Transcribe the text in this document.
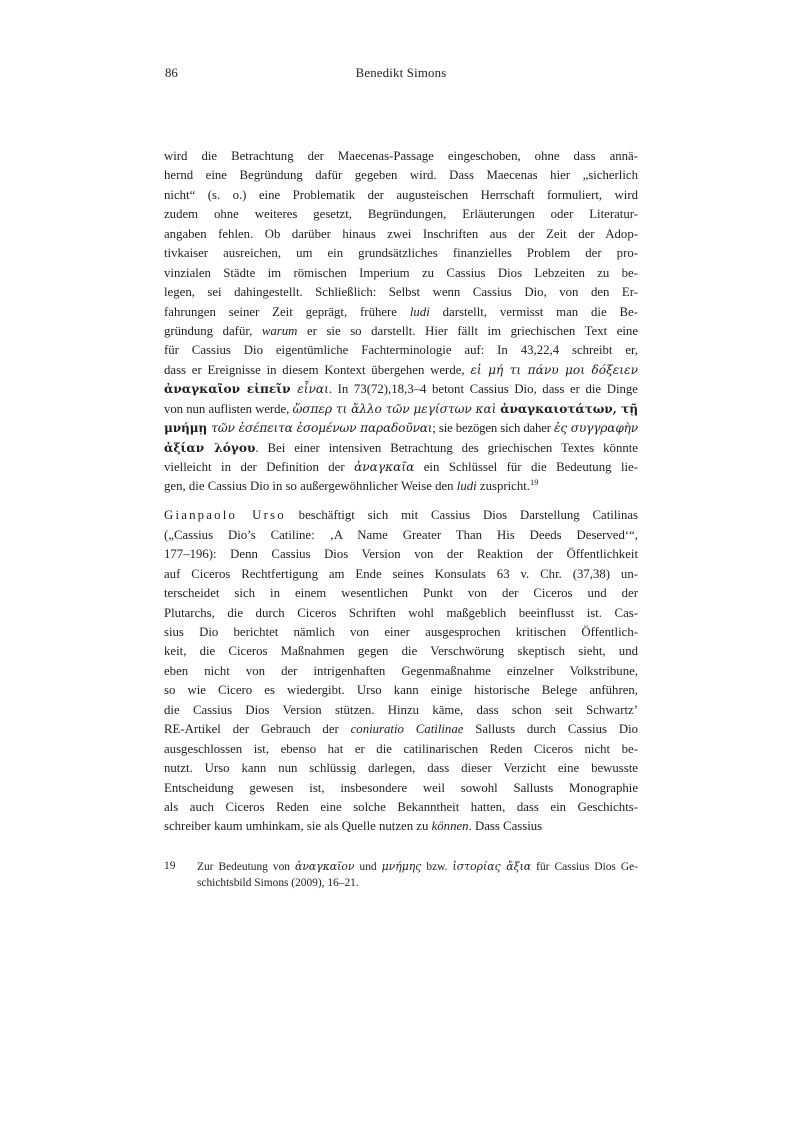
86	Benedikt Simons
wird die Betrachtung der Maecenas-Passage eingeschoben, ohne dass annä-
hernd eine Begründung dafür gegeben wird. Dass Maecenas hier „sicherlich
nicht“ (s. o.) eine Problematik der augusteischen Herrschaft formuliert, wird
zudem ohne weiteres gesetzt, Begründungen, Erläuterungen oder Literatur-
angaben fehlen. Ob darüber hinaus zwei Inschriften aus der Zeit der Adop-
tivkaiser ausreichen, um ein grundsätzliches finanzielles Problem der pro-
vinzialen Städte im römischen Imperium zu Cassius Dios Lebzeiten zu be-
legen, sei dahingestellt. Schließlich: Selbst wenn Cassius Dio, von den Er-
fahrungen seiner Zeit geprägt, frühere ludi darstellt, vermisst man die Be-
gründung dafür, warum er sie so darstellt. Hier fällt im griechischen Text eine
für Cassius Dio eigentümliche Fachterminologie auf: In 43,22,4 schreibt er,
dass er Ereignisse in diesem Kontext übergehen werde, εἰ μή τι πάνυ μοι δόξειεν
ἀναγκαῖον εἰπεῖν εἶναι. In 73(72),18,3–4 betont Cassius Dio, dass er die Dinge
von nun auflisten werde, ὥσπερ τι ἄλλο τῶν μεγίστων καὶ ἀναγκαιοτάτων, τῇ
μνήμῃ τῶν ἐσέπειτα ἐσομένων παραδοῦναι; sie bezögen sich daher ἐς συγγραφὴν
ἀξίαν λόγου. Bei einer intensiven Betrachtung des griechischen Textes könnte
vielleicht in der Definition der ἀναγκαῖα ein Schlüssel für die Bedeutung lie-
gen, die Cassius Dio in so außergewöhnlicher Weise den ludi zuspricht.$^{19}$
Gianpaolo Urso beschäftigt sich mit Cassius Dios Darstellung Catilinas
(„Cassius Dio’s Catiline: ‚A Name Greater Than His Deeds Deserved‘“,
177–196): Denn Cassius Dios Version von der Reaktion der Öffentlichkeit
auf Ciceros Rechtfertigung am Ende seines Konsulats 63 v. Chr. (37,38) un-
terscheidet sich in einem wesentlichen Punkt von der Ciceros und der
Plutarchs, die durch Ciceros Schriften wohl maßgeblich beeinflusst ist. Cas-
sius Dio berichtet nämlich von einer ausgesprochen kritischen Öffentlich-
keit, die Ciceros Maßnahmen gegen die Verschwörung skeptisch sieht, und
eben nicht von der intrigenhaften Gegenmaßnahme einzelner Volkstribune,
so wie Cicero es wiedergibt. Urso kann einige historische Belege anführen,
die Cassius Dios Version stützen. Hinzu käme, dass schon seit Schwartz’
RE-Artikel der Gebrauch der coniuratio Catilinae Sallusts durch Cassius Dio
ausgeschlossen ist, ebenso hat er die catilinarischen Reden Ciceros nicht be-
nutzt. Urso kann nun schlüssig darlegen, dass dieser Verzicht eine bewusste
Entscheidung gewesen ist, insbesondere weil sowohl Sallusts Monographie
als auch Ciceros Reden eine solche Bekanntheit hatten, dass ein Geschichts-
schreiber kaum umhinkam, sie als Quelle nutzen zu können. Dass Cassius
19	Zur Bedeutung von ἀναγκαῖον und μνήμης bzw. ἱστορίας ἄξια für Cassius Dios Ge-
schichtsbild Simons (2009), 16–21.
